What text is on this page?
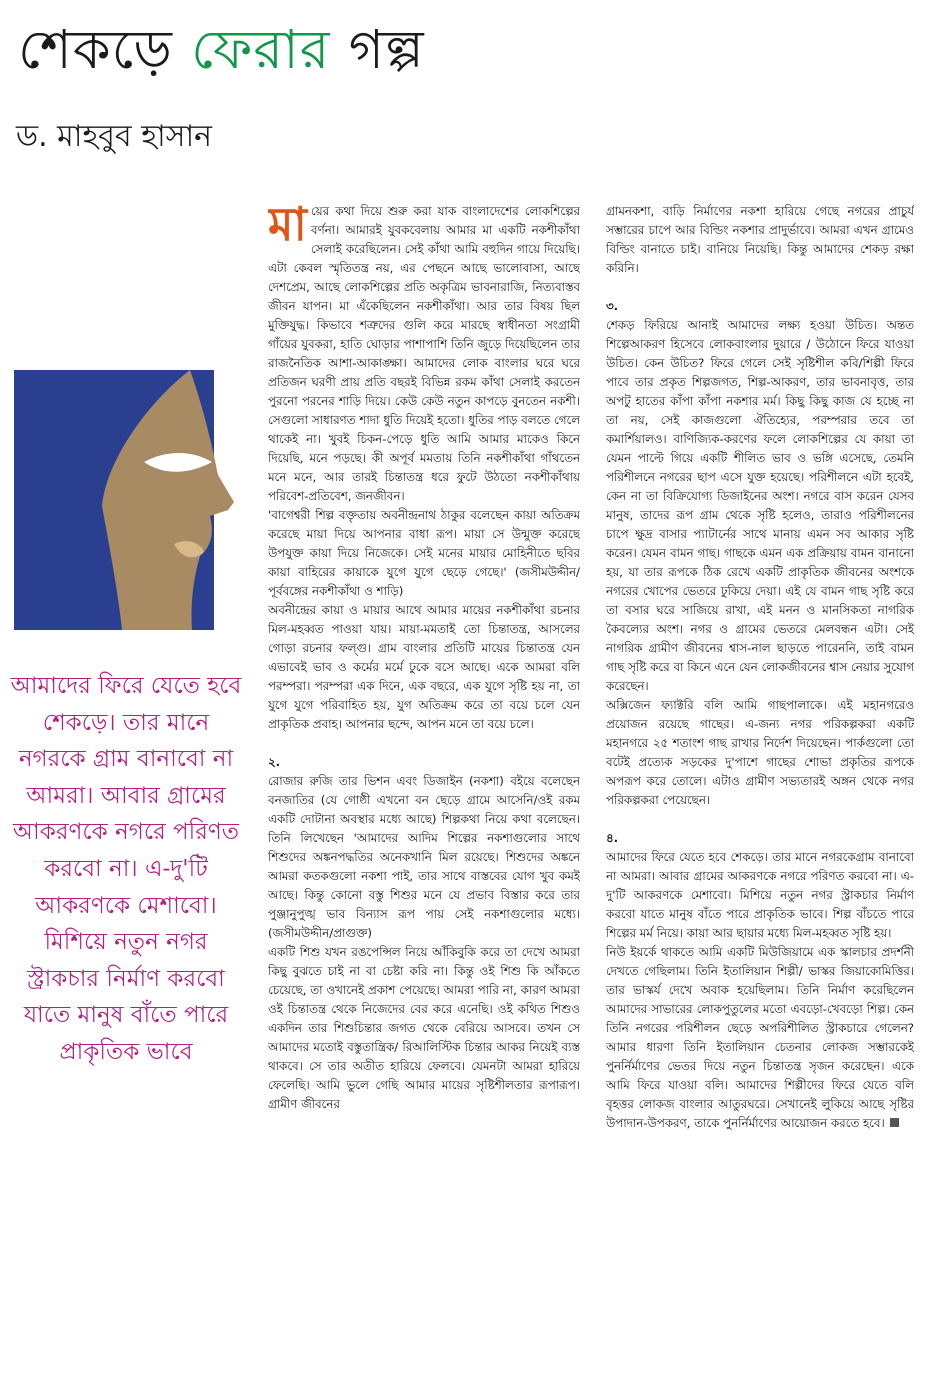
শেকড়ে ফেরার গল্প
ড. মাহবুব হাসান
আমাদের ফিরে যেতে হবে শেকড়ে। তার মানে নগরকে গ্রাম বানাবো না আমরা। আবার গ্রামের আকরণকে নগরে পরিণত করবো না। এ-দু'টি আকরণকে মেশাবো। মিশিয়ে নতুন নগর স্ট্রাকচার নির্মাণ করবো যাতে মানুষ বাঁতে পারে প্রাকৃতিক ভাবে

মায়ের কথা দিয়ে শুরু করা যাক বাংলাদেশের লোকশিল্পের বর্ণনা। আমারই যুবকবেলায় আমার মা একটি নকশীকাঁথা সেলাই করেছিলেন। সেই কাঁথা আমি বহুদিন গায়ে দিয়েছি। এটা কেবল স্মৃতিতন্ত্র নয়, এর পেছনে আছে ভালোবাসা, আছে দেশপ্রেম, আছে লোকশিল্পের প্রতি অকৃত্রিম ভাবনারাজি, নিত্যবাস্তব জীবন যাপন। মা এঁকেছিলেন নকশীকাঁথা। আর তার বিষয় ছিল মুক্তিযুদ্ধ। কিভাবে শত্রুদের গুলি করে মারছে স্বাধীনতা সংগ্রামী গাঁয়ের যুবকরা, হাতি ঘোড়ার পাশাপাশি তিনি জুড়ে দিয়েছিলেন তার রাজনৈতিক আশা-আকাঙ্ক্ষা। আমাদের লোক বাংলার ঘরে ঘরে প্রতিজন ঘরণী প্রায় প্রতি বছরই বিভিন্ন রকম কাঁথা সেলাই করতেন পুরনো পরনের শাড়ি দিয়ে। কেউ কেউ নতুন কাপড়ে বুনতেন নকশী। সেগুলো সাধারণত শাদা ধুতি দিয়েই হতো। ধুতির পাড় বলতে গেলে থাকেই না। খুবই চিকন-পেড়ে ধুতি আমি আমার মাকেও কিনে দিয়েছি, মনে পড়ছে। কী অপূর্ব মমতায় তিনি নকশীকাঁথা গাঁথতেন মনে মনে, আর তারই চিন্তাতন্ত্র ধরে ফুটে উঠতো নকশীকাঁথায় পরিবেশ-প্রতিবেশ, জনজীবন।

'বাগেশ্বরী শিল্প বক্তৃতায় অবনীন্দ্রনাথ ঠাকুর বলেছেন কায়া অতিক্রম করেছে মায়া দিয়ে আপনার বাধা রূপ। মায়া সে উন্মুক্ত করেছে উপযুক্ত কায়া দিয়ে নিজেকে। সেই মনের মায়ার মোহিনীতে ছবির কায়া বাহিরের কায়াকে যুগে যুগে ছেড়ে গেছে।' (জসীমউদ্দীন/ পূর্ববঙ্গের নকশীকাঁথা ও শাড়ি)

অবনীন্দ্রের কায়া ও মায়ার আথে আমার মায়ের নকশীকাঁথা রচনার মিল-মহব্বত পাওয়া যায়। মায়া-মমতাই তো চিন্তাতন্ত্র, আসলের গোড়া রচনার ফল্গু। গ্রাম বাংলার প্রতিটি মায়ের চিন্তাতন্ত্র যেন এভাবেই ভাব ও কর্মের মর্মে ঢুকে বসে আছে। একে আমরা বলি পরম্পরা। পরম্পরা এক দিনে, এক বছরে, এক যুগে সৃষ্টি হয় না, তা যুগে যুগে পরিবাহিত হয়, যুগ অতিক্রম করে তা বয়ে চলে যেন প্রাকৃতিক প্রবাহ। আপনার ছন্দে, আপন মনে তা বয়ে চলে।

২.

রোজার রুজি তার ভিশন এবং ডিজাইন (নকশা) বইয়ে বলেছেন বনজাতির (যে গোষ্ঠী এখনো বন ছেড়ে গ্রামে আসেনি/ওই রকম একটি দোটানা অবস্থার মধ্যে আছে) শিল্পকথা নিয়ে কথা বলেছেন। তিনি লিখেছেন 'আমাদের আদিম শিল্পের নকশাগুলোর সাথে শিশুদের অঙ্কনপদ্ধতির অনেকখানি মিল রয়েছে। শিশুদের অঙ্কনে আমরা কতকগুলো নকশা পাই, তার সাথে বাস্তবের যোগ খুব কমই আছে। কিন্তু কোনো বস্তু শিশুর মনে যে প্রভাব বিস্তার করে তার পুঞ্জানুপুঙ্খ ভাব বিন্যাস রূপ পায় সেই নকশাগুলোর মধ্যে। (জসীমউদ্দীন/প্রাগুক্ত)

একটি শিশু যখন রঙপেন্সিল নিয়ে আঁকিবুকি করে তা দেখে আমরা কিছু বুঝতে চাই না বা চেষ্টা করি না। কিন্তু ওই শিশু কি আঁকতে চেয়েছে, তা ওখানেই প্রকাশ পেয়েছে। আমরা পারি না, কারণ আমরা ওই চিন্তাতন্ত্র থেকে নিজেদের বের করে এনেছি। ওই কথিত শিশুও একদিন তার শিশুচিন্তার জগত থেকে বেরিয়ে আসবে। তখন সে আমাদের মতোই বস্তুতান্ত্রিক/ রিআলিস্টিক চিন্তার আকর নিয়েই ব্যস্ত থাকবে। সে তার অতীত হারিয়ে ফেলবে। যেমনটা আমরা হারিয়ে ফেলেছি। আমি ভুলে গেছি আমার মায়ের সৃষ্টিশীলতার রূপারূপ। গ্রামীণ জীবনের

গ্রামনকশা, বাড়ি নির্মাণের নকশা হারিয়ে গেছে নগরের প্রাচুর্য সম্ভারের চাপে আর বিল্ডিং নকশার প্রাদুর্ভাবে। আমরা এখন গ্রামেও বিল্ডিং বানাতে চাই। বানিয়ে নিয়েছি। কিন্তু আমাদের শেকড় রক্ষা করিনি।

৩.

শেকড় ফিরিয়ে আনাই আমাদের লক্ষ্য হওয়া উচিত। অন্তত শিল্পেআকরণ হিসেবে লোকবাংলার দুয়ারে / উঠোনে ফিরে যাওয়া উচিত। কেন উচিত? ফিরে গেলে সেই সৃষ্টিশীল কবি/শিল্পী ফিরে পাবে তার প্রকৃত শিল্পজগত, শিল্প-আকরণ, তার ভাবনাবৃত্ত, তার অপটু হাতের কাঁপা কাঁপা নকশার মর্ম। কিছু কিছু কাজ যে হচ্ছে না তা নয়, সেই কাজগুলো ঐতিহ্যের, পরম্পরার তবে তা কমার্শিয়ালও। বাণিজ্যিক-করণের ফলে লোকশিল্পের যে কায়া তা যেমন পাল্টে গিয়ে একটি শীলিত ভাব ও ভঙ্গি এসেছে, তেমনি পরিশীলনে নগরের ছাপ এসে যুক্ত হয়েছে। পরিশীলনে এটা হবেই, কেন না তা বিক্রিযোগ্য ডিজাইনের অংশ। নগরে বাস করেন যেসব মানুষ, তাদের রূপ গ্রাম থেকে সৃষ্টি হলেও, তারাও পরিশীলনের চাপে ক্ষুদ্র বাসার প্যাটার্নের সাথে মানায় এমন সব আকার সৃষ্টি করেন। যেমন বামন গাছ। গাছকে এমন এক প্রক্রিয়ায় বামন বানানো হয়, যা তার রূপকে ঠিক রেখে একটি প্রাকৃতিক জীবনের অংশকে নগরের খোপের ভেতরে ঢুকিয়ে দেয়া। এই যে বামন গাছ সৃষ্টি করে তা বসার ঘরে সাজিয়ে রাখা, এই মনন ও মানসিকতা নাগরিক কৈবল্যের অংশ। নগর ও গ্রামের ভেতরে মেলবন্ধন এটা। সেই নাগরিক গ্রামীণ জীবনের শ্বাস-নাল ছাড়তে পারেননি, তাই বামন গাছ সৃষ্টি করে বা কিনে এনে যেন লোকজীবনের শ্বাস নেয়ার সুযোগ করেছেন।

অক্সিজেন ফ্যাক্টরি বলি আমি গাছপালাকে। এই মহানগরেও প্রয়োজন রয়েছে গাছের। এ-জন্য নগর পরিকল্পকরা একটি মহানগরে ২৫ শতাংশ গাছ রাখার নির্দেশ দিয়েছেন। পার্কগুলো তো বটেই প্রত্যেক সড়কের দু'পাশে গাছের শোভা প্রকৃতির রূপকে অপরূপ করে তোলে। এটাও গ্রামীণ সভ্যতারই অঙ্গন থেকে নগর পরিকল্পকরা পেয়েছেন।

৪.

আমাদের ফিরে যেতে হবে শেকড়ে। তার মানে নগরকেগ্রাম বানাবো না আমরা। আবার গ্রামের আকরণকে নগরে পরিণত করবো না। এ-দু'টি আকরণকে মেশাবো। মিশিয়ে নতুন নগর স্ট্রাকচার নির্মাণ করবো যাতে মানুষ বাঁতে পারে প্রাকৃতিক ভাবে। শিল্প বাঁচতে পারে শিল্পের মর্ম নিয়ে। কায়া আর ছায়ার মধ্যে মিল-মহব্বত সৃষ্টি হয়।

নিউ ইয়র্কে থাকতে আমি একটি মিউজিয়ামে এক স্কালচার প্রদর্শনী দেখতে গেছিলাম। তিনি ইতালিয়ান শিল্পী/ ভাস্কর জিয়াকোমিত্তির। তার ভাস্কর্য দেখে অবাক হয়েছিলাম। তিনি নির্মাণ করেছিলেন আমাদের সাভারের লোকপুতুলের মতো এবড়ো-খেবড়ো শিল্প। কেন তিনি নগরের পরিশীলন ছেড়ে অপরিশীলিত স্ট্রাকচারে গেলেন? আমার ধারণা তিনি ইতালিয়ান চেতনার লোকজ সম্ভারকেই পুনর্নির্মাণের ভেতর দিয়ে নতুন চিন্তাতন্ত্র সৃজন করেছেন। একে আমি ফিরে যাওয়া বলি। আমাদের শিল্পীদের ফিরে যেতে বলি বৃহত্তর লোকজ বাংলার আতুরঘরে। সেখানেই লুকিয়ে আছে সৃষ্টির উপাদান-উপকরণ, তাকে পুনর্নির্মাণের আয়োজন করতে হবে।
